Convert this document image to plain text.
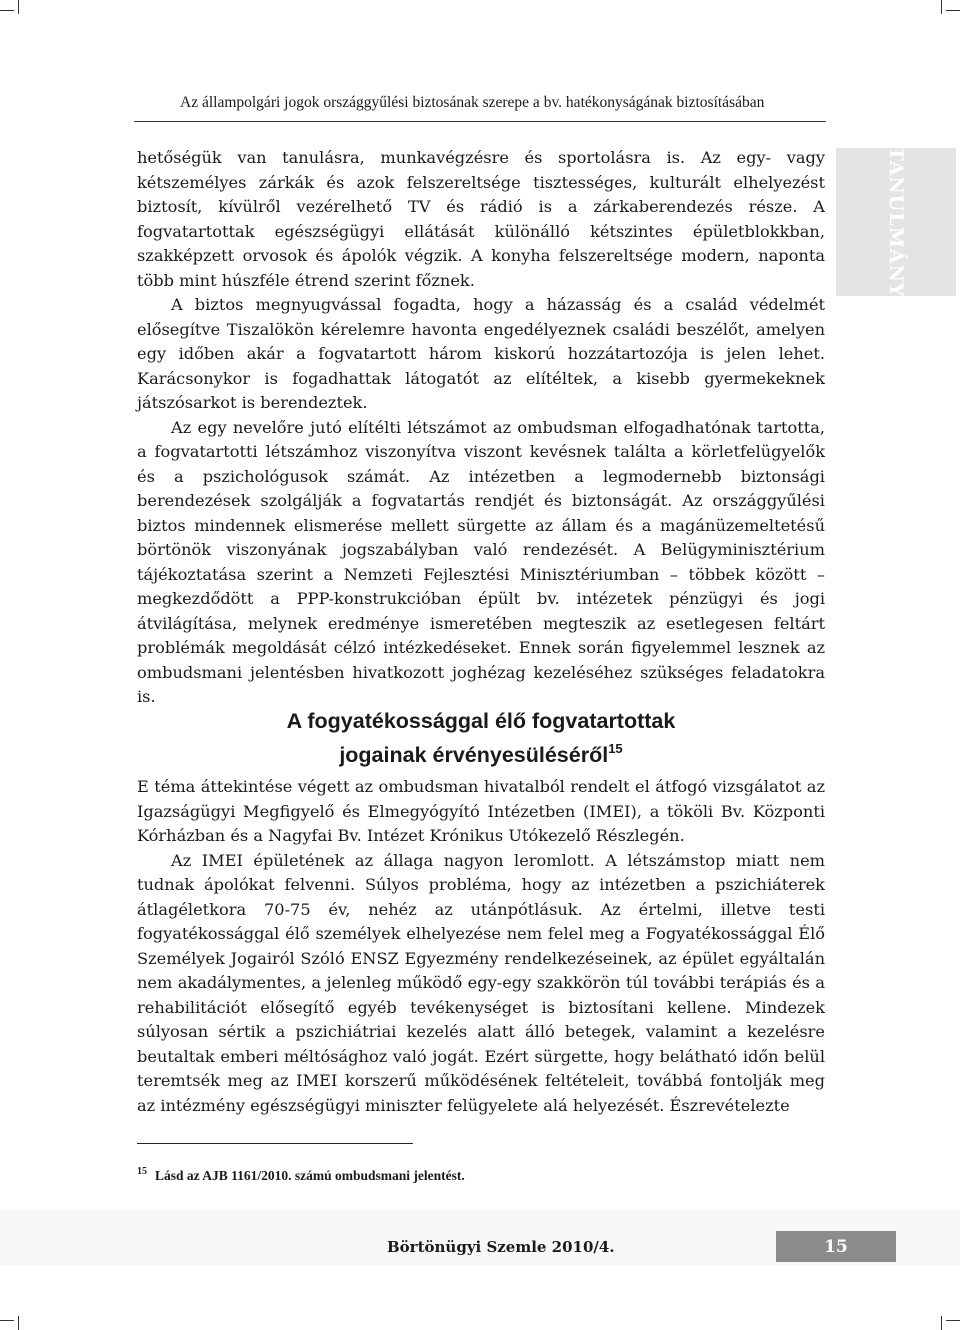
Az állampolgári jogok országgyűlési biztosának szerepe a bv. hatékonyságának biztosításában
TANULMÁNY

hetőségük van tanulásra, munkavégzésre és sportolásra is. Az egy- vagy kétszemélyes zárkák és azok felszereltsége tisztességes, kulturált elhelyezést biztosít, kívülről vezérelhető TV és rádió is a zárkaberendezés része. A fogvatartottak egészségügyi ellátását különálló kétszintes épületblokkban, szakképzett orvosok és ápolók végzik. A konyha felszereltsége modern, naponta több mint húszféle étrend szerint főznek.

A biztos megnyugvással fogadta, hogy a házasság és a család védelmét elősegítve Tiszalökön kérelemre havonta engedélyeznek családi beszélőt, amelyen egy időben akár a fogvatartott három kiskorú hozzátartozója is jelen lehet. Karácsonykor is fogadhattak látogatót az elítéltek, a kisebb gyermekeknek játszósarkot is berendeztek.

Az egy nevelőre jutó elítélti létszámot az ombudsman elfogadhatónak tartotta, a fogvatartotti létszámhoz viszonyítva viszont kevésnek találta a körletfelügyelők és a pszichológusok számát. Az intézetben a legmodernebb biztonsági berendezések szolgálják a fogvatartás rendjét és biztonságát. Az országgyűlési biztos mindennek elismerése mellett sürgette az állam és a magánüzemeltetésű börtönök viszonyának jogszabályban való rendezését. A Belügyminisztérium tájékoztatása szerint a Nemzeti Fejlesztési Minisztériumban – többek között – megkezdődött a PPP-konstrukcióban épült bv. intézetek pénzügyi és jogi átvilágítása, melynek eredménye ismeretében megteszik az esetlegesen feltárt problémák megoldását célzó intézkedéseket. Ennek során figyelemmel lesznek az ombudsmani jelentésben hivatkozott joghézag kezeléséhez szükséges feladatokra is.

A fogyatékossággal élő fogvatartottak
jogainak érvényesüléséről$^{15}$

E téma áttekintése végett az ombudsman hivatalból rendelt el átfogó vizsgálatot az Igazságügyi Megfigyelő és Elmegyógyító Intézetben (IMEI), a tököli Bv. Központi Kórházban és a Nagyfai Bv. Intézet Krónikus Utókezelő Részlegén.

Az IMEI épületének az állaga nagyon leromlott. A létszámstop miatt nem tudnak ápolókat felvenni. Súlyos probléma, hogy az intézetben a pszichiáterek átlagéletkora 70-75 év, nehéz az utánpótlásuk. Az értelmi, illetve testi fogyatékossággal élő személyek elhelyezése nem felel meg a Fogyatékossággal Élő Személyek Jogairól Szóló ENSZ Egyezmény rendelkezéseinek, az épület egyáltalán nem akadálymentes, a jelenleg működő egy-egy szakkörön túl további terápiás és a rehabilitációt elősegítő egyéb tevékenységet is biztosítani kellene. Mindezek súlyosan sértik a pszichiátriai kezelés alatt álló betegek, valamint a kezelésre beutaltak emberi méltósághoz való jogát. Ezért sürgette, hogy belátható időn belül teremtsék meg az IMEI korszerű működésének feltételeit, továbbá fontolják meg az intézmény egészségügyi miniszter felügyelete alá helyezését. Észrevételezte

$^{15}$ Lásd az AJB 1161/2010. számú ombudsmani jelentést.
Börtönügyi Szemle 2010/4.	15
